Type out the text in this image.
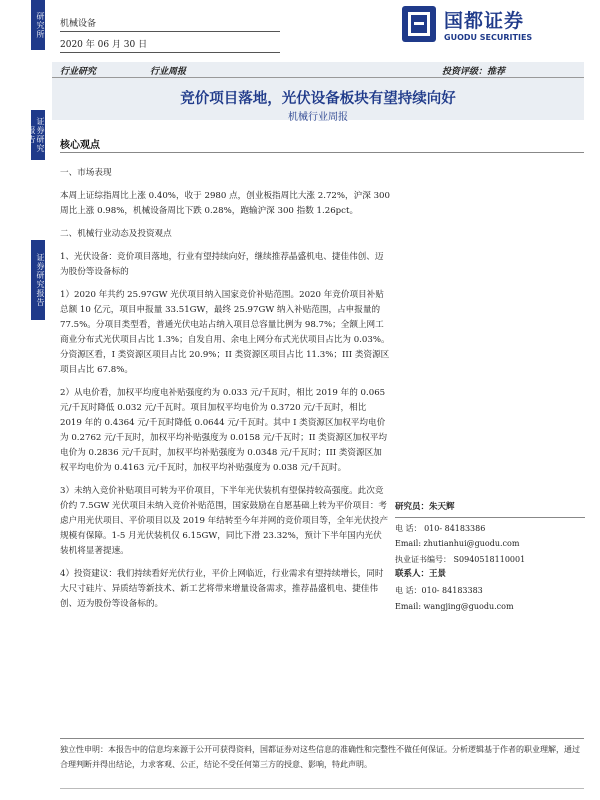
研究所
证券研究报告
证券研究报告
机械设备
2020 年 06 月 30 日
国都证券
GUODU SECURITIES
行业研究	行业周报	投资评级：推荐
竞价项目落地，光伏设备板块有望持续向好
机械行业周报
核心观点

一、市场表现

本周上证综指周比上涨 0.40%，收于 2980 点，创业板指周比大涨 2.72%，沪深 300 周比上涨 0.98%，机械设备周比下跌 0.28%，跑输沪深 300 指数 1.26pct。

二、机械行业动态及投资观点

1、光伏设备：竞价项目落地，行业有望持续向好，继续推荐晶盛机电、捷佳伟创、迈为股份等设备标的

1）2020 年共约 25.97GW 光伏项目纳入国家竞价补贴范围。2020 年竞价项目补贴总额 10 亿元，项目申报量 33.51GW，最终 25.97GW 纳入补贴范围，占申报量的 77.5%。分项目类型看，普通光伏电站占纳入项目总容量比例为 98.7%；全额上网工商业分布式光伏项目占比 1.3%；自发自用、余电上网分布式光伏项目占比为 0.03%。分资源区看，I 类资源区项目占比 20.9%；II 类资源区项目占比 11.3%；III 类资源区项目占比 67.8%。

2）从电价看，加权平均度电补贴强度约为 0.033 元/千瓦时，相比 2019 年的 0.065 元/千瓦时降低 0.032 元/千瓦时。项目加权平均电价为 0.3720 元/千瓦时，相比 2019 年的 0.4364 元/千瓦时降低 0.0644 元/千瓦时。其中 I 类资源区加权平均电价为 0.2762 元/千瓦时，加权平均补贴强度为 0.0158 元/千瓦时；II 类资源区加权平均电价为 0.2836 元/千瓦时，加权平均补贴强度为 0.0348 元/千瓦时；III 类资源区加权平均电价为 0.4163 元/千瓦时，加权平均补贴强度为 0.038 元/千瓦时。

3）未纳入竞价补贴项目可转为平价项目，下半年光伏装机有望保持较高强度。此次竞价约 7.5GW 光伏项目未纳入竞价补贴范围，国家鼓励在自愿基础上转为平价项目：考虑户用光伏项目、平价项目以及 2019 年结转至今年并网的竞价项目等，全年光伏投产规模有保障。1-5 月光伏装机仅 6.15GW，同比下滑 23.32%，预计下半年国内光伏装机将显著提速。

4）投资建议：我们持续看好光伏行业，平价上网临近，行业需求有望持续增长，同时大尺寸硅片、异质结等新技术、新工艺将带来增量设备需求，推荐晶盛机电、捷佳伟创、迈为股份等设备标的。

研究员：朱天辉
电 话： 010- 84183386
Email: zhutianhui@guodu.com
执业证书编号： S0940518110001
联系人：王景
电 话：010- 84183383
Email: wangjing@guodu.com
独立性申明：本报告中的信息均来源于公开可获得资料，国都证券对这些信息的准确性和完整性不做任何保证。分析逻辑基于作者的职业理解，通过合理判断并得出结论，力求客观、公正，结论不受任何第三方的授意、影响，特此声明。
